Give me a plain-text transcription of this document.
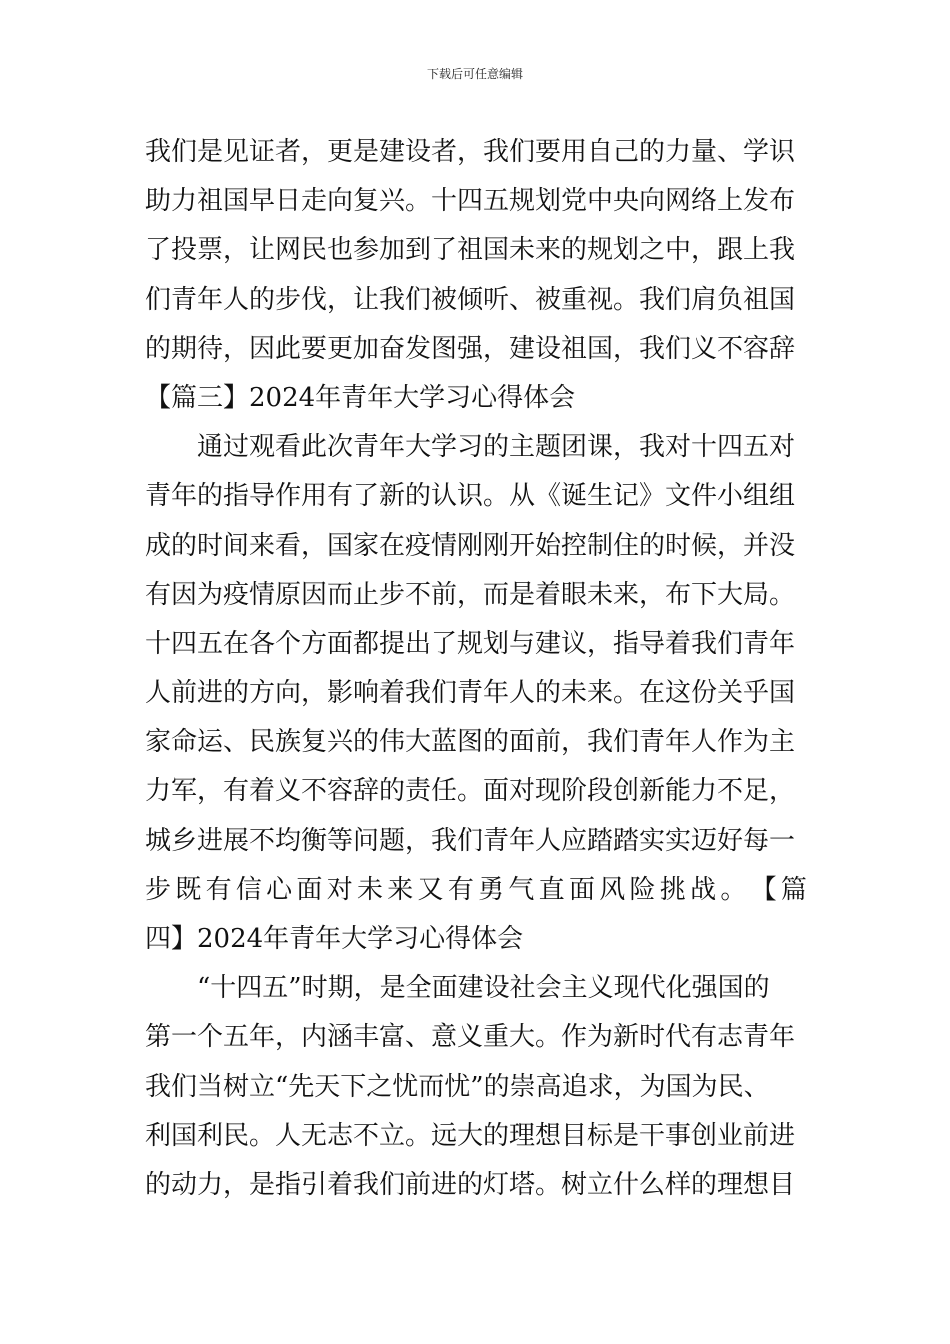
下载后可任意编辑
我们是见证者，更是建设者，我们要用自己的力量、学识
助力祖国早日走向复兴。十四五规划党中央向网络上发布
了投票，让网民也参加到了祖国未来的规划之中，跟上我
们青年人的步伐，让我们被倾听、被重视。我们肩负祖国
的期待，因此要更加奋发图强，建设祖国，我们义不容辞
【篇三】2024年青年大学习心得体会
通过观看此次青年大学习的主题团课，我对十四五对
青年的指导作用有了新的认识。从《诞生记》文件小组组
成的时间来看，国家在疫情刚刚开始控制住的时候，并没
有因为疫情原因而止步不前，而是着眼未来，布下大局。
十四五在各个方面都提出了规划与建议，指导着我们青年
人前进的方向，影响着我们青年人的未来。在这份关乎国
家命运、民族复兴的伟大蓝图的面前，我们青年人作为主
力军，有着义不容辞的责任。面对现阶段创新能力不足，
城乡进展不均衡等问题，我们青年人应踏踏实实迈好每一
步 既 有 信 心 面 对 未 来 又 有 勇 气 直 面 风 险 挑 战 。 【 篇
四】2024年青年大学习心得体会
“十四五”时期，是全面建设社会主义现代化强国的
第一个五年，内涵丰富、意义重大。作为新时代有志青年
我们当树立“先天下之忧而忧”的崇高追求，为国为民、
利国利民。人无志不立。远大的理想目标是干事创业前进
的动力，是指引着我们前进的灯塔。树立什么样的理想目
